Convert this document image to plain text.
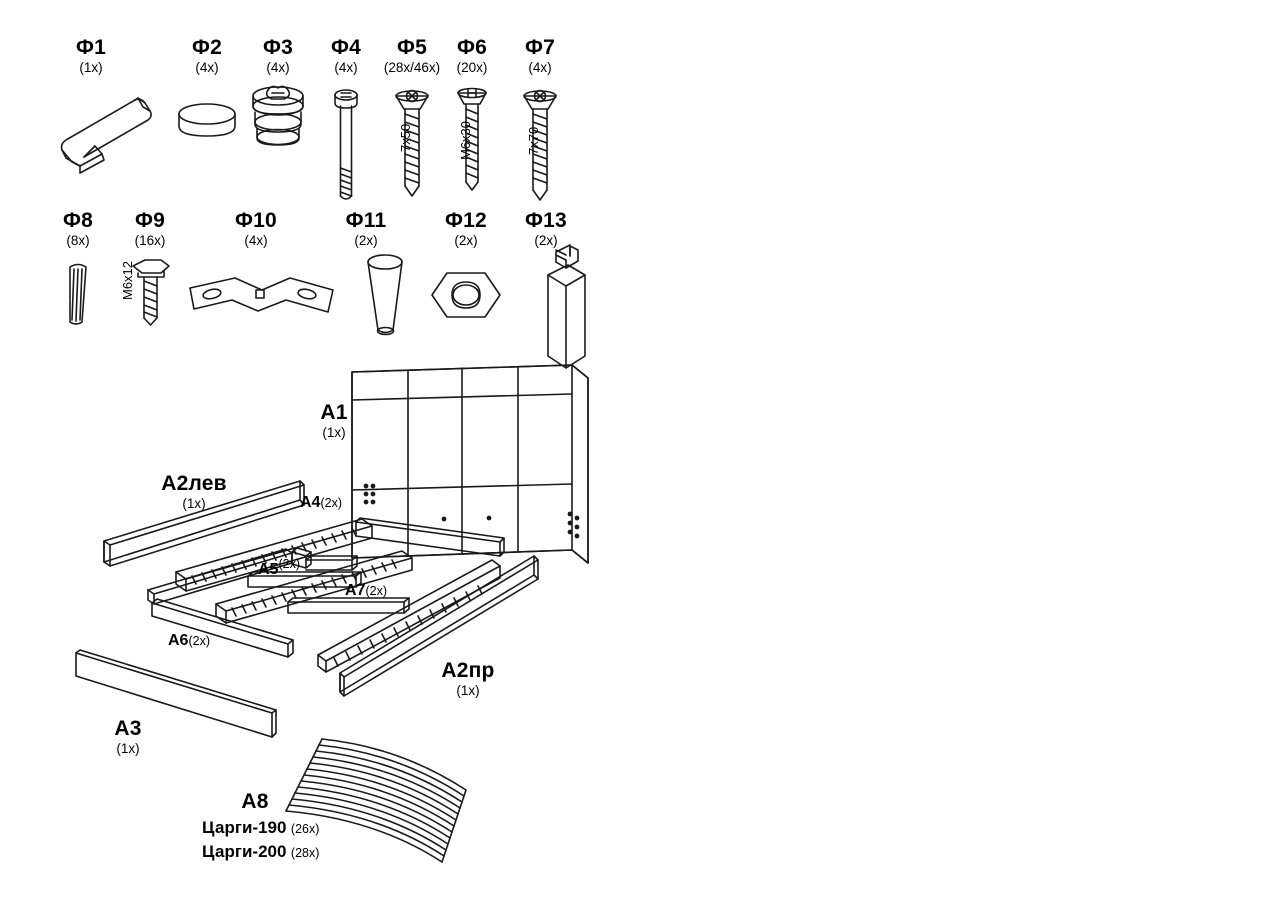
Ф1
(1x)
Ф2
(4x)
Ф3
(4x)
Ф4
(4x)
Ф5
(28x/46x)
7x50
Ф6
(20x)
M6x30
Ф7
(4x)
7x70
Ф8
(8x)
Ф9
(16x)
M6x12
Ф10
(4x)
Ф11
(2x)
Ф12
(2x)
Ф13
(2x)
A1
(1x)
A2лев
(1x)
A2пр
(1x)
A3
(1x)
A4(2x)
$A5^{(2x)}$
A6(2x)
A7(2x)
A8
Царги-190 (26x)
Царги-200 (28x)
